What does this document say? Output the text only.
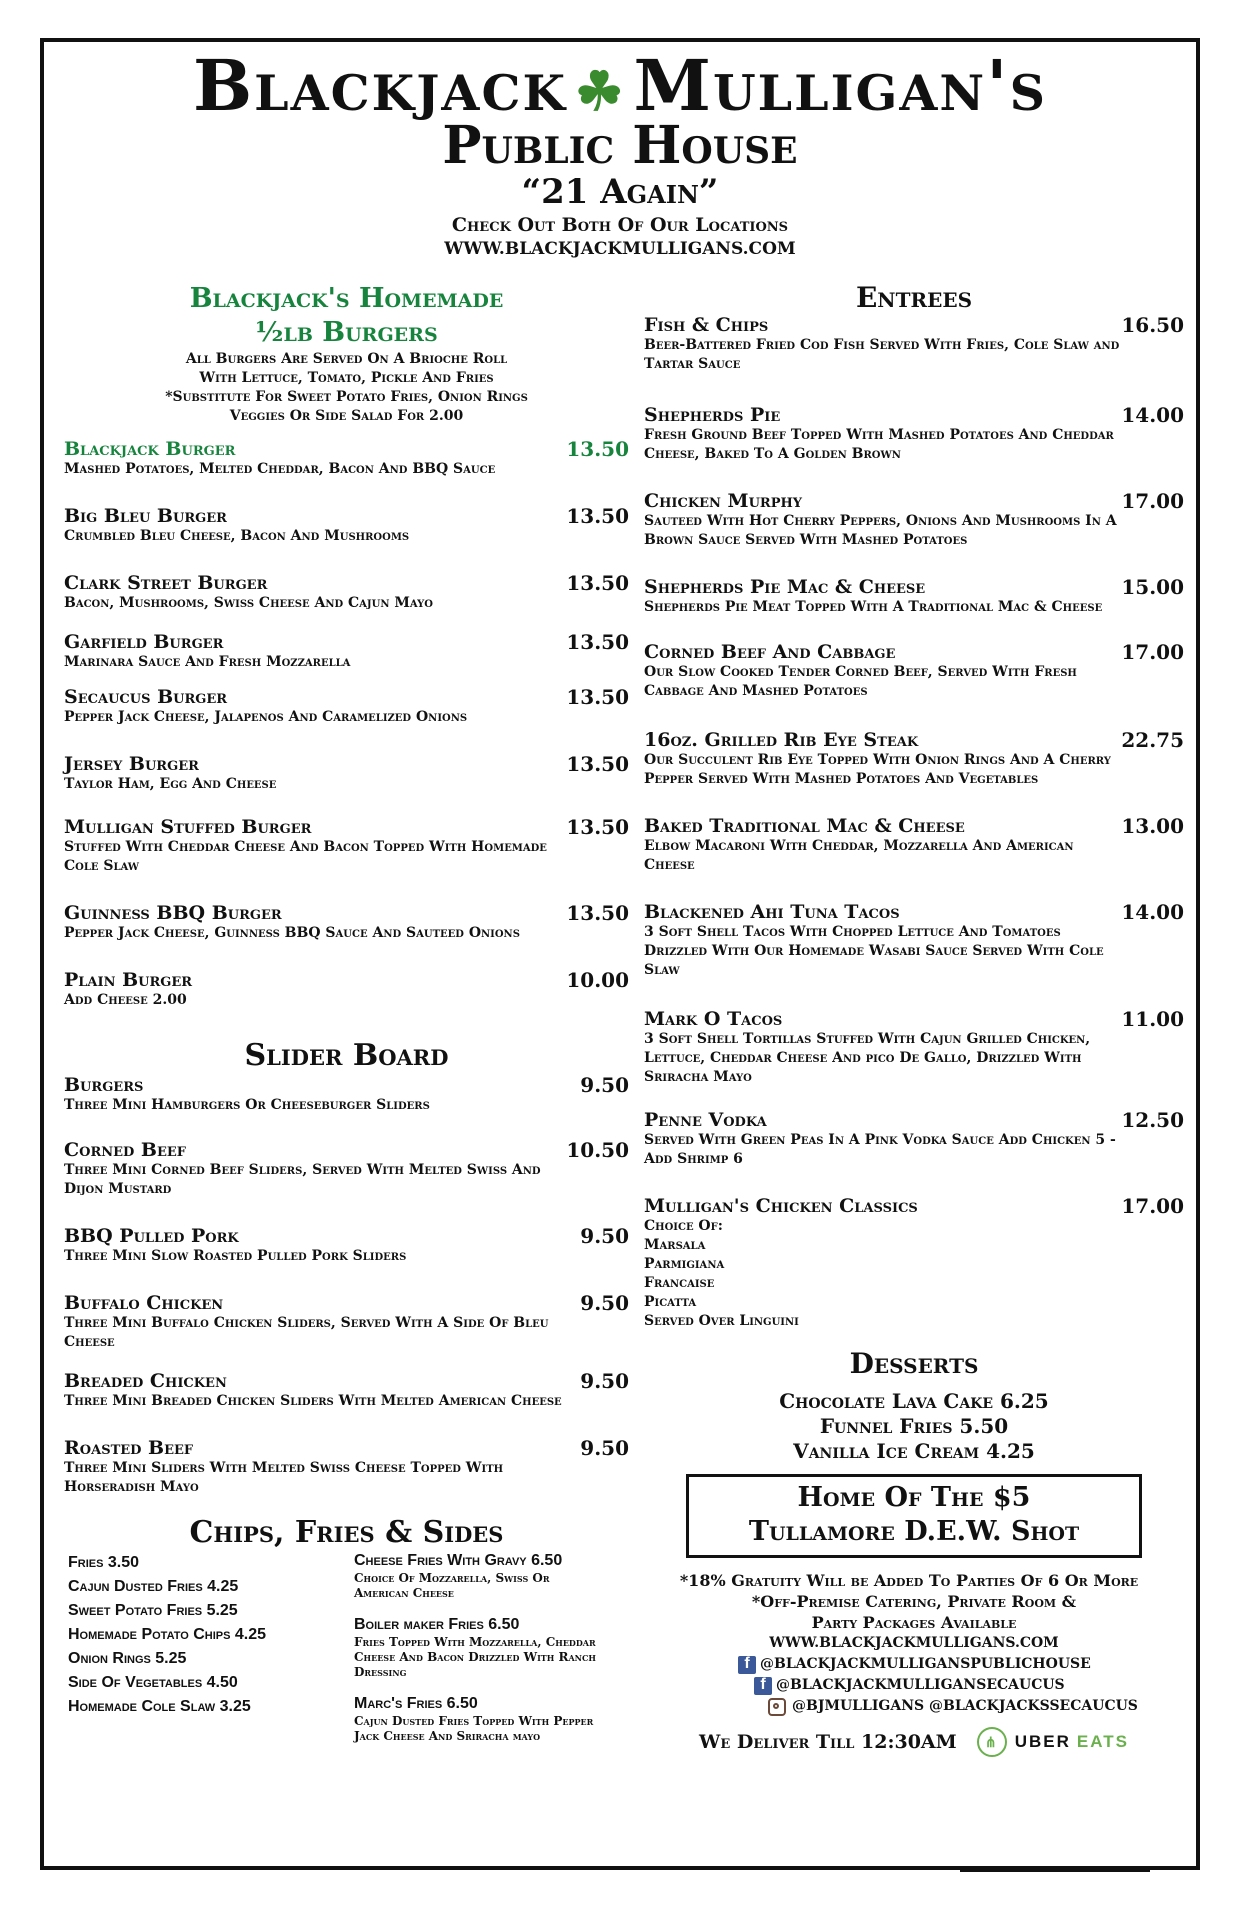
Blackjack ☘ Mulligan's
Public House
“21 Again”
Check Out Both Of Our Locations
WWW.BLACKJACKMULLIGANS.COM
Blackjack's Homemade
½lb Burgers
All Burgers Are Served On A Brioche Roll
With Lettuce, Tomato, Pickle And Fries
*Substitute For Sweet Potato Fries, Onion Rings
Veggies Or Side Salad For 2.00
Blackjack Burger	13.50
Mashed Potatoes, Melted Cheddar, Bacon And BBQ Sauce
Big Bleu Burger	13.50
Crumbled Bleu Cheese, Bacon And Mushrooms
Clark Street Burger	13.50
Bacon, Mushrooms, Swiss Cheese And Cajun Mayo
Garfield Burger	13.50
Marinara Sauce And Fresh Mozzarella
Secaucus Burger	13.50
Pepper Jack Cheese, Jalapenos And Caramelized Onions
Jersey Burger	13.50
Taylor Ham, Egg And Cheese
Mulligan Stuffed Burger	13.50
Stuffed With Cheddar Cheese And Bacon Topped With Homemade Cole Slaw
Guinness BBQ Burger	13.50
Pepper Jack Cheese, Guinness BBQ Sauce And Sauteed Onions
Plain Burger	10.00
Add Cheese 2.00
Slider Board
Burgers	9.50
Three Mini Hamburgers Or Cheeseburger Sliders
Corned Beef	10.50
Three Mini Corned Beef Sliders, Served With Melted Swiss And Dijon Mustard
BBQ Pulled Pork	9.50
Three Mini Slow Roasted Pulled Pork Sliders
Buffalo Chicken	9.50
Three Mini Buffalo Chicken Sliders, Served With A Side Of Bleu Cheese
Breaded Chicken	9.50
Three Mini Breaded Chicken Sliders With Melted American Cheese
Roasted Beef	9.50
Three Mini Sliders With Melted Swiss Cheese Topped With Horseradish Mayo
Chips, Fries & Sides
Fries 3.50
Cajun Dusted Fries 4.25
Sweet Potato Fries 5.25
Homemade Potato Chips 4.25
Onion Rings 5.25
Side Of Vegetables 4.50
Homemade Cole Slaw 3.25
Cheese Fries With Gravy 6.50
Choice Of Mozzarella, Swiss Or American Cheese
Boiler maker Fries 6.50
Fries Topped With Mozzarella, Cheddar Cheese And Bacon Drizzled With Ranch Dressing
Marc's Fries 6.50
Cajun Dusted Fries Topped With Pepper Jack Cheese And Sriracha mayo
Entrees
Fish & Chips	16.50
Beer-Battered Fried Cod Fish Served With Fries, Cole Slaw and Tartar Sauce
Shepherds Pie	14.00
Fresh Ground Beef Topped With Mashed Potatoes And Cheddar Cheese, Baked To A Golden Brown
Chicken Murphy	17.00
Sauteed With Hot Cherry Peppers, Onions And Mushrooms In A Brown Sauce Served With Mashed Potatoes
Shepherds Pie Mac & Cheese	15.00
Shepherds Pie Meat Topped With A Traditional Mac & Cheese
Corned Beef And Cabbage	17.00
Our Slow Cooked Tender Corned Beef, Served With Fresh Cabbage And Mashed Potatoes
16oz. Grilled Rib Eye Steak	22.75
Our Succulent Rib Eye Topped With Onion Rings And A Cherry Pepper Served With Mashed Potatoes And Vegetables
Baked Traditional Mac & Cheese	13.00
Elbow Macaroni With Cheddar, Mozzarella And American Cheese
Blackened Ahi Tuna Tacos	14.00
3 Soft Shell Tacos With Chopped Lettuce And Tomatoes Drizzled With Our Homemade Wasabi Sauce Served With Cole Slaw
Mark O Tacos	11.00
3 Soft Shell Tortillas Stuffed With Cajun Grilled Chicken, Lettuce, Cheddar Cheese And pico De Gallo, Drizzled With Sriracha Mayo
Penne Vodka	12.50
Served With Green Peas In A Pink Vodka Sauce Add Chicken 5 - Add Shrimp 6
Mulligan's Chicken Classics	17.00
Choice Of:
Marsala
Parmigiana
Francaise
Picatta
Served Over Linguini
Desserts
Chocolate Lava Cake 6.25
Funnel Fries 5.50
Vanilla Ice Cream 4.25
Home Of The $5
Tullamore D.E.W. Shot
*18% Gratuity Will be Added To Parties Of 6 Or More
*Off-Premise Catering, Private Room &
Party Packages Available
WWW.BLACKJACKMULLIGANS.COM
f @BLACKJACKMULLIGANSPUBLICHOUSE
f @BLACKJACKMULLIGANSECAUCUS
@BJMULLIGANS @BLACKJACKSSECAUCUS
We Deliver Till 12:30AM	⋔ UBER EATS
